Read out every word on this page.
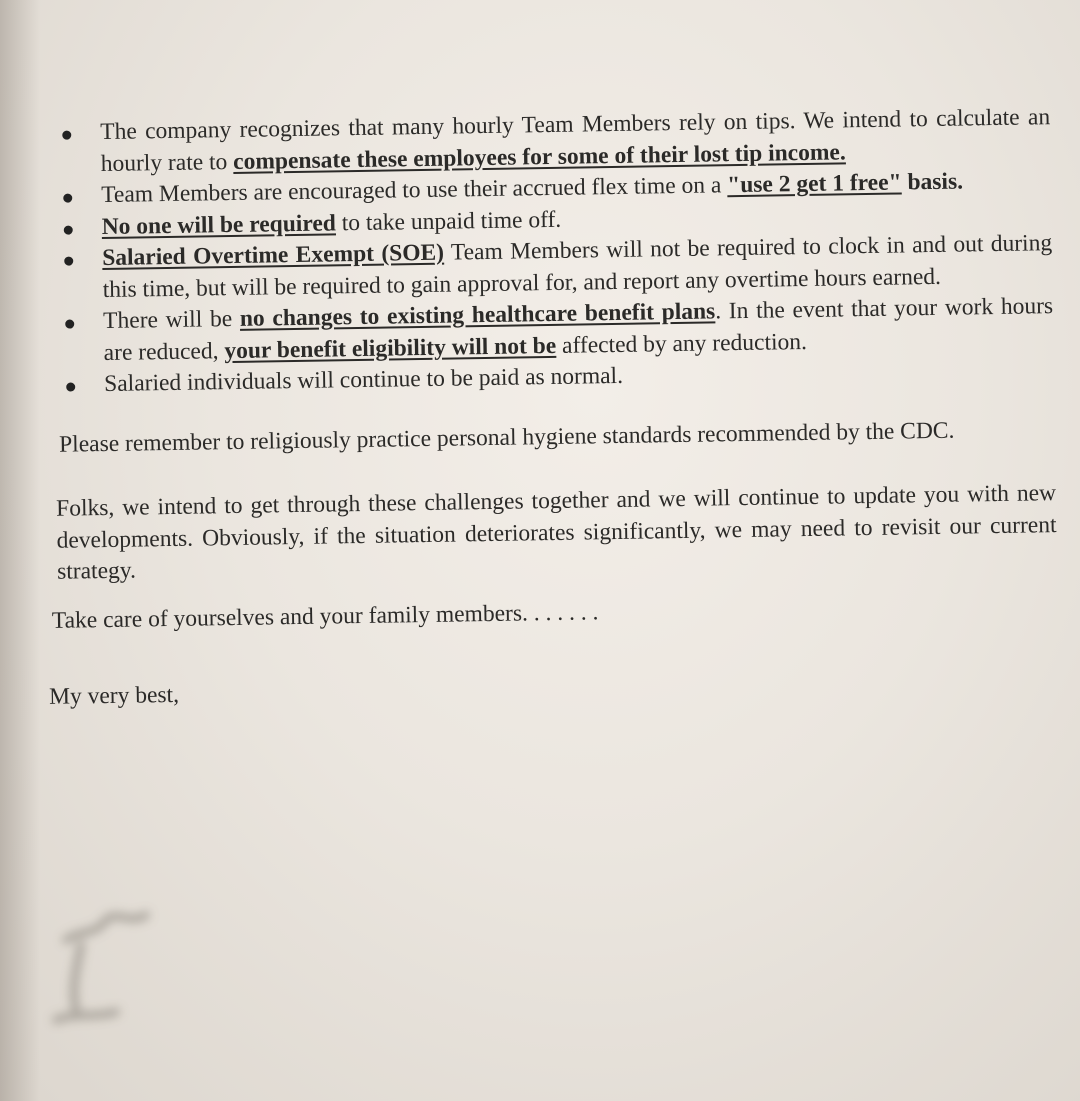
The company recognizes that many hourly Team Members rely on tips. We intend to calculate an hourly rate to compensate these employees for some of their lost tip income.
Team Members are encouraged to use their accrued flex time on a "use 2 get 1 free" basis.
No one will be required to take unpaid time off.
Salaried Overtime Exempt (SOE) Team Members will not be required to clock in and out during this time, but will be required to gain approval for, and report any overtime hours earned.
There will be no changes to existing healthcare benefit plans. In the event that your work hours are reduced, your benefit eligibility will not be affected by any reduction.
Salaried individuals will continue to be paid as normal.

Please remember to religiously practice personal hygiene standards recommended by the CDC.

Folks, we intend to get through these challenges together and we will continue to update you with new developments. Obviously, if the situation deteriorates significantly, we may need to revisit our current strategy.

Take care of yourselves and your family members. . . . . . .

My very best,
